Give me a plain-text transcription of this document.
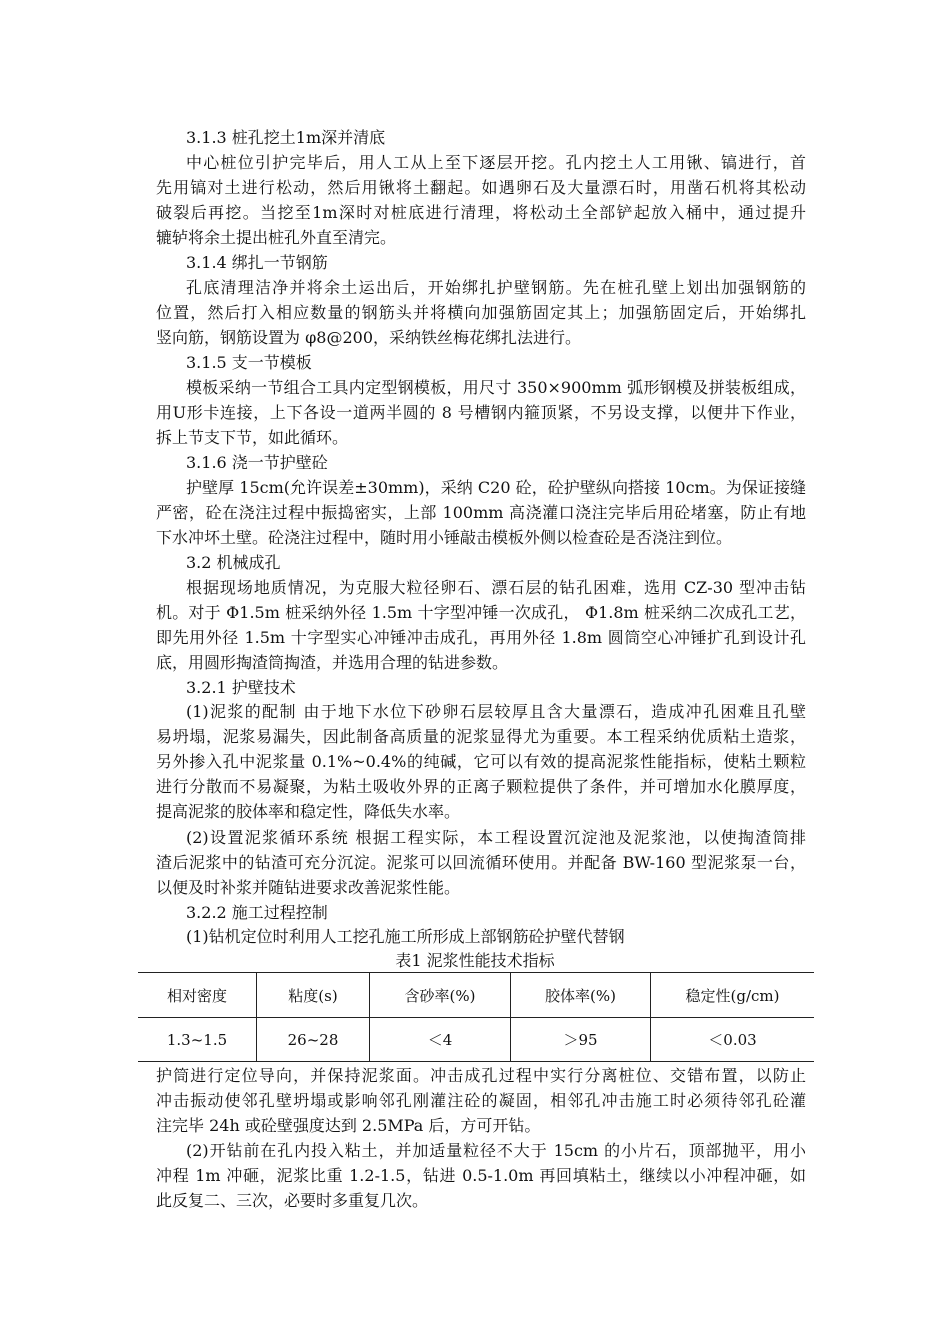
3.1.3 桩孔挖土1m深并清底
中心桩位引护完毕后，用人工从上至下逐层开挖。孔内挖土人工用锹、镐进行，首
先用镐对土进行松动，然后用锹将土翻起。如遇卵石及大量漂石时，用凿石机将其松动
破裂后再挖。当挖至1m深时对桩底进行清理，将松动土全部铲起放入桶中，通过提升
辘轳将余土提出桩孔外直至清完。
3.1.4 绑扎一节钢筋
孔底清理洁净并将余土运出后，开始绑扎护壁钢筋。先在桩孔壁上划出加强钢筋的
位置，然后打入相应数量的钢筋头并将横向加强筋固定其上；加强筋固定后，开始绑扎
竖向筋，钢筋设置为 φ8@200，采纳铁丝梅花绑扎法进行。
3.1.5 支一节模板
模板采纳一节组合工具内定型钢模板，用尺寸 350×900mm 弧形钢模及拼装板组成，
用U形卡连接，上下各设一道两半圆的 8 号槽钢内箍顶紧，不另设支撑，以便井下作业，
拆上节支下节，如此循环。
3.1.6 浇一节护壁砼
护壁厚 15cm(允许误差±30mm)，采纳 C20 砼，砼护壁纵向搭接 10cm。为保证接缝
严密，砼在浇注过程中振捣密实，上部 100mm 高浇灌口浇注完毕后用砼堵塞，防止有地
下水冲坏土壁。砼浇注过程中，随时用小锤敲击模板外侧以检查砼是否浇注到位。
3.2 机械成孔
根据现场地质情况，为克服大粒径卵石、漂石层的钻孔困难，选用 CZ-30 型冲击钻
机。对于 Φ1.5m 桩采纳外径 1.5m 十字型冲锤一次成孔， Φ1.8m 桩采纳二次成孔工艺，
即先用外径 1.5m 十字型实心冲锤冲击成孔，再用外径 1.8m 圆筒空心冲锤扩孔到设计孔
底，用圆形掏渣筒掏渣，并选用合理的钻进参数。
3.2.1 护壁技术
(1)泥浆的配制 由于地下水位下砂卵石层较厚且含大量漂石，造成冲孔困难且孔壁
易坍塌，泥浆易漏失，因此制备高质量的泥浆显得尤为重要。本工程采纳优质粘土造浆，
另外掺入孔中泥浆量 0.1%~0.4%的纯碱，它可以有效的提高泥浆性能指标，使粘土颗粒
进行分散而不易凝聚，为粘土吸收外界的正离子颗粒提供了条件，并可增加水化膜厚度，
提高泥浆的胶体率和稳定性，降低失水率。
(2)设置泥浆循环系统 根据工程实际，本工程设置沉淀池及泥浆池，以使掏渣筒排
渣后泥浆中的钻渣可充分沉淀。泥浆可以回流循环使用。并配备 BW-160 型泥浆泵一台，
以便及时补浆并随钻进要求改善泥浆性能。
3.2.2 施工过程控制
(1)钻机定位时利用人工挖孔施工所形成上部钢筋砼护壁代替钢
表1 泥浆性能技术指标
相对密度	粘度(s)	含砂率(%)	胶体率(%)	稳定性(g/cm)
1.3~1.5	26~28	＜4	＞95	＜0.03
护筒进行定位导向，并保持泥浆面。冲击成孔过程中实行分离桩位、交错布置，以防止
冲击振动使邻孔壁坍塌或影响邻孔刚灌注砼的凝固，相邻孔冲击施工时必须待邻孔砼灌
注完毕 24h 或砼壁强度达到 2.5MPa 后，方可开钻。
(2)开钻前在孔内投入粘土，并加适量粒径不大于 15cm 的小片石，顶部抛平，用小
冲程 1m 冲砸，泥浆比重 1.2-1.5，钻进 0.5-1.0m 再回填粘土，继续以小冲程冲砸，如
此反复二、三次，必要时多重复几次。
